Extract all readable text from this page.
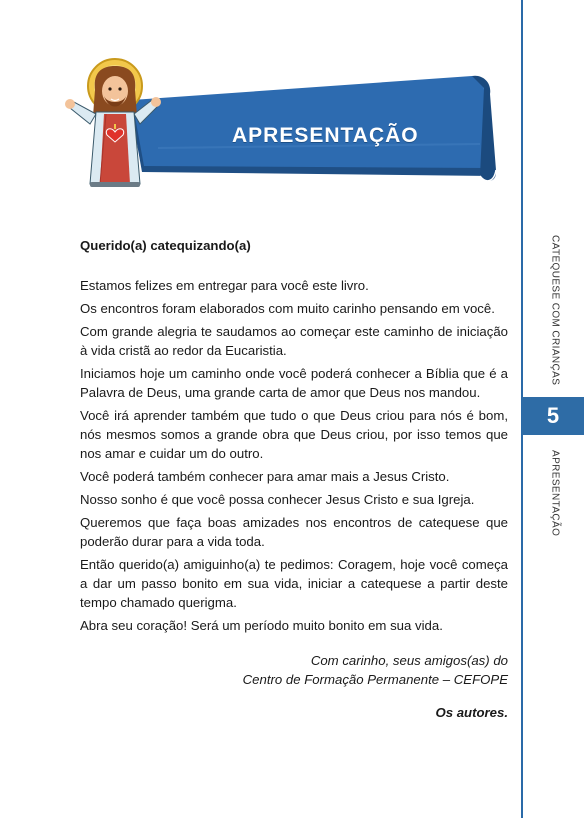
CATEQUESE COM CRIANÇAS
5
APRESENTAÇÃO
APRESENTAÇÃO

Querido(a) catequizando(a)

Estamos felizes em entregar para você este livro.

Os encontros foram elaborados com muito carinho pensando em você.

Com grande alegria te saudamos ao começar este caminho de iniciação à vida cristã ao redor da Eucaristia.

Iniciamos hoje um caminho onde você poderá conhecer a Bíblia que é a Palavra de Deus, uma grande carta de amor que Deus nos mandou.

Você irá aprender também que tudo o que Deus criou para nós é bom, nós mesmos somos a grande obra que Deus criou, por isso temos que nos amar e cuidar um do outro.

Você poderá também conhecer para amar mais a Jesus Cristo.

Nosso sonho é que você possa conhecer Jesus Cristo e sua Igreja.

Queremos que faça boas amizades nos encontros de catequese que poderão durar para a vida toda.

Então querido(a) amiguinho(a) te pedimos: Coragem, hoje você começa a dar um passo bonito em sua vida, iniciar a catequese a partir deste tempo chamado querigma.

Abra seu coração! Será um período muito bonito em sua vida.

Com carinho, seus amigos(as) do

Centro de Formação Permanente – CEFOPE

Os autores.
